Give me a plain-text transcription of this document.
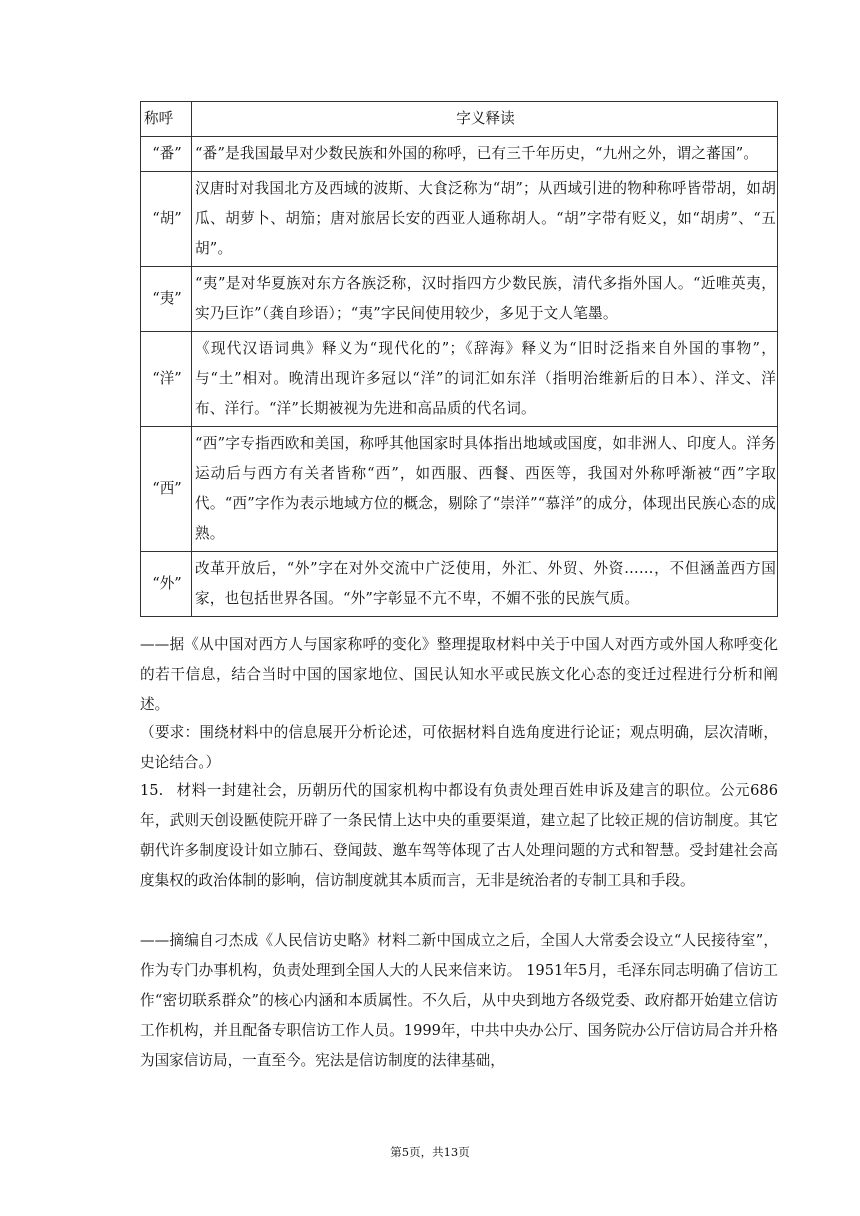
称呼	字义释读
“番”	“番”是我国最早对少数民族和外国的称呼，已有三千年历史，“九州之外，谓之蕃国”。
“胡”	汉唐时对我国北方及西域的波斯、大食泛称为“胡”；从西域引进的物种称呼皆带胡，如胡瓜、胡萝卜、胡笳；唐对旅居长安的西亚人通称胡人。“胡”字带有贬义，如“胡虏”、“五胡”。
“夷”	“夷”是对华夏族对东方各族泛称，汉时指四方少数民族，清代多指外国人。“近唯英夷，实乃巨诈”（龚自珍语）；“夷”字民间使用较少，多见于文人笔墨。
“洋”	《现代汉语词典》释义为“现代化的”；《辞海》释义为“旧时泛指来自外国的事物”，与“土”相对。晚清出现许多冠以“洋”的词汇如东洋（指明治维新后的日本）、洋文、洋布、洋行。“洋”长期被视为先进和高品质的代名词。
“西”	“西”字专指西欧和美国，称呼其他国家时具体指出地域或国度，如非洲人、印度人。洋务运动后与西方有关者皆称“西”，如西服、西餐、西医等，我国对外称呼渐被“西”字取代。“西”字作为表示地域方位的概念，剔除了“崇洋”“慕洋”的成分，体现出民族心态的成熟。
“外”	改革开放后，“外”字在对外交流中广泛使用，外汇、外贸、外资……，不但涵盖西方国家，也包括世界各国。“外”字彰显不亢不卑，不媚不张的民族气质。
——据《从中国对西方人与国家称呼的变化》整理提取材料中关于中国人对西方或外国人称呼变化的若干信息，结合当时中国的国家地位、国民认知水平或民族文化心态的变迁过程进行分析和阐述。
（要求：围绕材料中的信息展开分析论述，可依据材料自选角度进行论证；观点明确，层次清晰，史论结合。）
15. 材料一封建社会，历朝历代的国家机构中都设有负责处理百姓申诉及建言的职位。公元686年，武则天创设匦使院开辟了一条民情上达中央的重要渠道，建立起了比较正规的信访制度。其它朝代许多制度设计如立肺石、登闻鼓、邀车驾等体现了古人处理问题的方式和智慧。受封建社会高度集权的政治体制的影响，信访制度就其本质而言，无非是统治者的专制工具和手段。
——摘编自刁杰成《人民信访史略》材料二新中国成立之后，全国人大常委会设立“人民接待室”，作为专门办事机构，负责处理到全国人大的人民来信来访。 1951年5月，毛泽东同志明确了信访工作“密切联系群众”的核心内涵和本质属性。不久后，从中央到地方各级党委、政府都开始建立信访工作机构，并且配备专职信访工作人员。1999年，中共中央办公厅、国务院办公厅信访局合并升格为国家信访局，一直至今。宪法是信访制度的法律基础，
第5页，共13页
